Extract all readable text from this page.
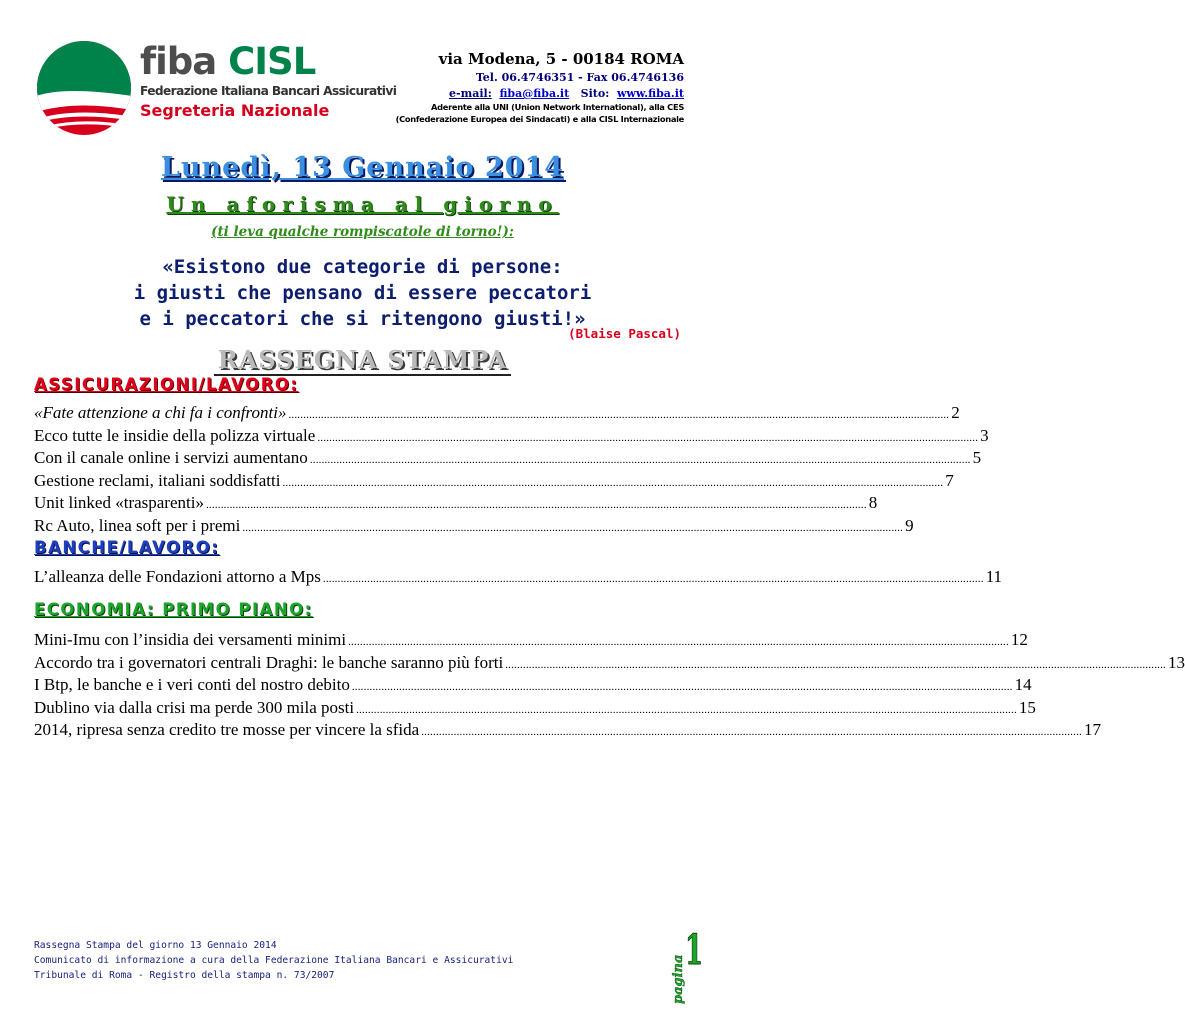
fiba CISL
Federazione Italiana Bancari Assicurativi
Segreteria Nazionale
via Modena, 5 - 00184 ROMA
Tel. 06.4746351 - Fax 06.4746136
e-mail: fiba@fiba.it Sito: www.fiba.it
Aderente alla UNI (Union Network International), alla CES
(Confederazione Europea dei Sindacati) e alla CISL Internazionale
Lunedì, 13 Gennaio 2014
Un aforisma al giorno
(ti leva qualche rompiscatole di torno!):
«Esistono due categorie di persone:
i giusti che pensano di essere peccatori
e i peccatori che si ritengono giusti!»
(Blaise Pascal)
RASSEGNA STAMPA
ASSICURAZIONI/LAVORO:
«Fate attenzione a chi fa i confronti» .....	2
Ecco tutte le insidie della polizza virtuale .....	3
Con il canale online i servizi aumentano .....	5
Gestione reclami, italiani soddisfatti .....	7
Unit linked «trasparenti» .....	8
Rc Auto, linea soft per i premi .....	9
BANCHE/LAVORO:
L’alleanza delle Fondazioni attorno a Mps .....	11
ECONOMIA: PRIMO PIANO:
Mini-Imu con l’insidia dei versamenti minimi .....	12
Accordo tra i governatori centrali Draghi: le banche saranno più forti .....	13
I Btp, le banche e i veri conti del nostro debito .....	14
Dublino via dalla crisi ma perde 300 mila posti .....	15
2014, ripresa senza credito tre mosse per vincere la sfida .....	17
Rassegna Stampa del giorno 13 Gennaio 2014
Comunicato di informazione a cura della Federazione Italiana Bancari e Assicurativi
Tribunale di Roma - Registro della stampa n. 73/2007	pagina
1
